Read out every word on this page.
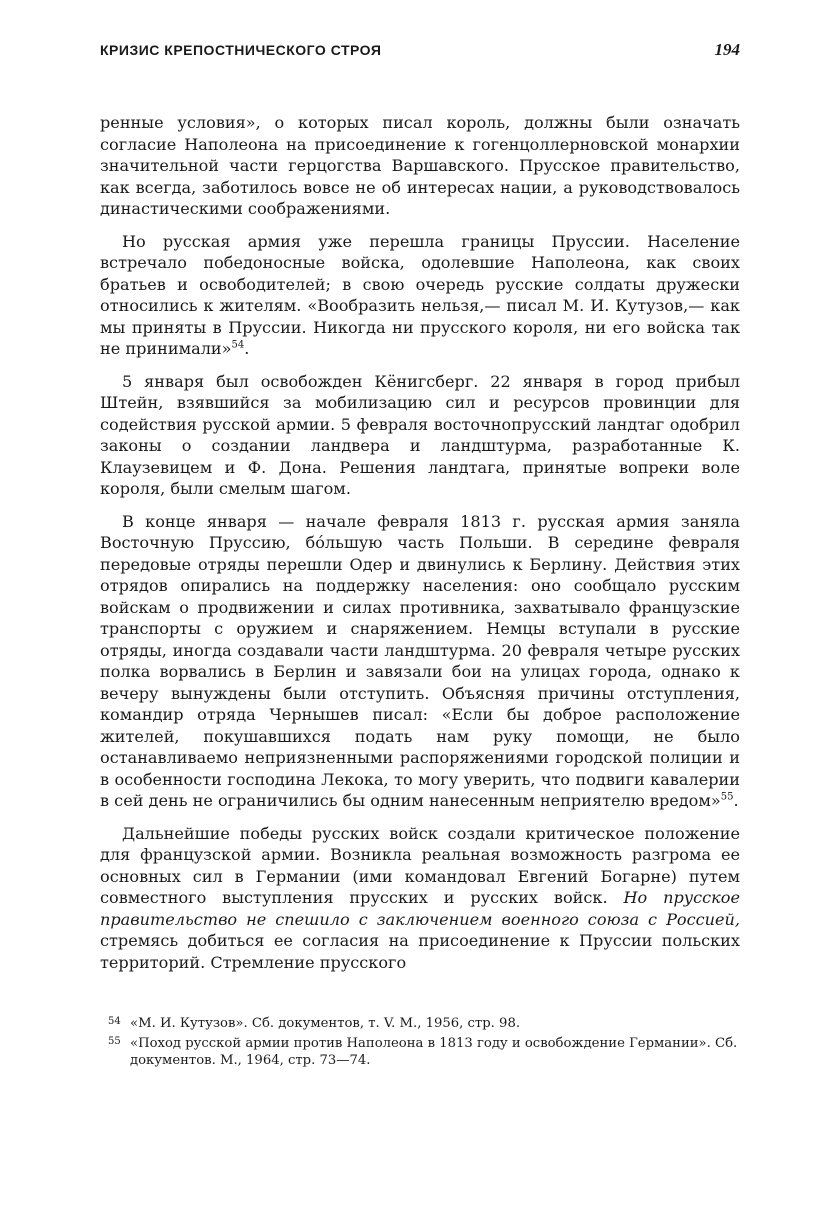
КРИЗИС КРЕПОСТНИЧЕСКОГО СТРОЯ	194

ренные условия», о которых писал король, должны были означать согласие Наполеона на присоединение к гогенцоллерновской монархии значительной части герцогства Варшавского. Прусское правительство, как всегда, заботилось вовсе не об интересах нации, а руководствовалось династическими соображениями.

Но русская армия уже перешла границы Пруссии. Население встречало победоносные войска, одолевшие Наполеона, как своих братьев и освободителей; в свою очередь русские солдаты дружески относились к жителям. «Вообразить нельзя,— писал М. И. Кутузов,— как мы приняты в Пруссии. Никогда ни прусского короля, ни его войска так не принимали»$^{54}$.

5 января был освобожден Кёнигсберг. 22 января в город прибыл Штейн, взявшийся за мобилизацию сил и ресурсов провинции для содействия русской армии. 5 февраля восточнопрусский ландтаг одобрил законы о создании ландвера и ландштурма, разработанные К. Клаузевицем и Ф. Дона. Решения ландтага, принятые вопреки воле короля, были смелым шагом.

В конце января — начале февраля 1813 г. русская армия заняла Восточную Пруссию, бо́льшую часть Польши. В середине февраля передовые отряды перешли Одер и двинулись к Берлину. Действия этих отрядов опирались на поддержку населения: оно сообщало русским войскам о продвижении и силах противника, захватывало французские транспорты с оружием и снаряжением. Немцы вступали в русские отряды, иногда создавали части ландштурма. 20 февраля четыре русских полка ворвались в Берлин и завязали бои на улицах города, однако к вечеру вынуждены были отступить. Объясняя причины отступления, командир отряда Чернышев писал: «Если бы доброе расположение жителей, покушавшихся подать нам руку помощи, не было останавливаемо неприязненными распоряжениями городской полиции и в особенности господина Лекока, то могу уверить, что подвиги кавалерии в сей день не ограничились бы одним нанесенным неприятелю вредом»$^{55}$.

Дальнейшие победы русских войск создали критическое положение для французской армии. Возникла реальная возможность разгрома ее основных сил в Германии (ими командовал Евгений Богарне) путем совместного выступления прусских и русских войск. Но прусское правительство не спешило с заключением военного союза с Россией, стремясь добиться ее согласия на присоединение к Пруссии польских территорий. Стремление прусского

54 «М. И. Кутузов». Сб. документов, т. V. М., 1956, стр. 98.

55 «Поход русской армии против Наполеона в 1813 году и освобождение Германии». Сб. документов. М., 1964, стр. 73—74.
